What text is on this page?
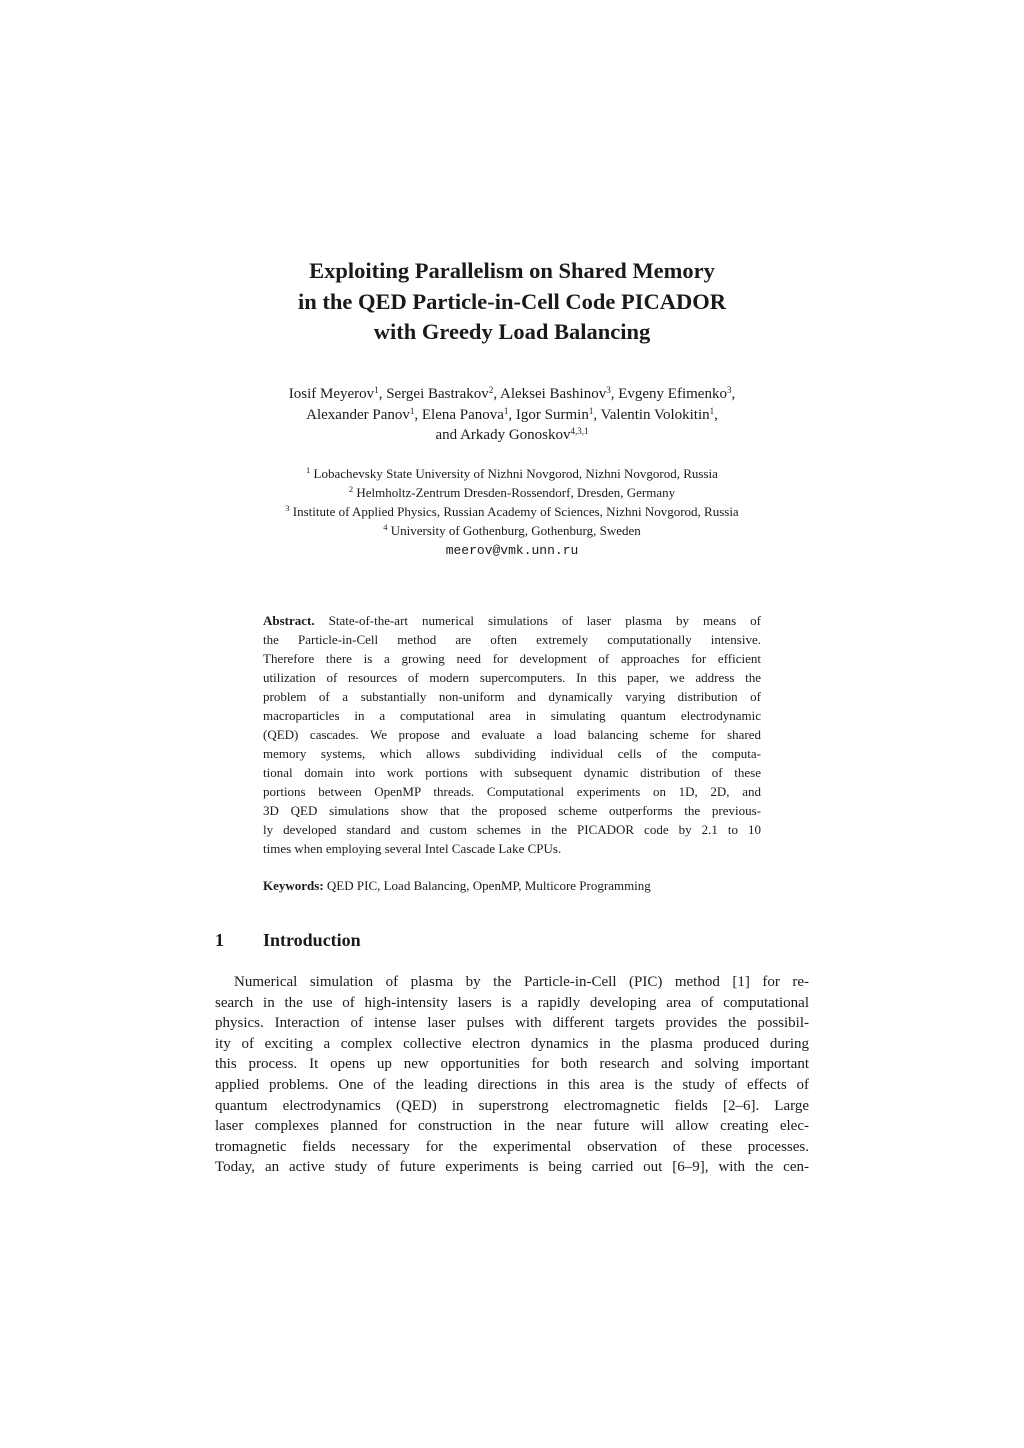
Exploiting Parallelism on Shared Memory
in the QED Particle-in-Cell Code PICADOR
with Greedy Load Balancing
Iosif Meyerov$^1$, Sergei Bastrakov$^2$, Aleksei Bashinov$^3$, Evgeny Efimenko$^3$,
Alexander Panov$^1$, Elena Panova$^1$, Igor Surmin$^1$, Valentin Volokitin$^1$,
and Arkady Gonoskov$^{4,3,1}$
$^1$ Lobachevsky State University of Nizhni Novgorod, Nizhni Novgorod, Russia
$^2$ Helmholtz-Zentrum Dresden-Rossendorf, Dresden, Germany
$^3$ Institute of Applied Physics, Russian Academy of Sciences, Nizhni Novgorod, Russia
$^4$ University of Gothenburg, Gothenburg, Sweden
meerov@vmk.unn.ru
Abstract. State-of-the-art numerical simulations of laser plasma by means of
the Particle-in-Cell method are often extremely computationally intensive.
Therefore there is a growing need for development of approaches for efficient
utilization of resources of modern supercomputers. In this paper, we address the
problem of a substantially non-uniform and dynamically varying distribution of
macroparticles in a computational area in simulating quantum electrodynamic
(QED) cascades. We propose and evaluate a load balancing scheme for shared
memory systems, which allows subdividing individual cells of the computa-
tional domain into work portions with subsequent dynamic distribution of these
portions between OpenMP threads. Computational experiments on 1D, 2D, and
3D QED simulations show that the proposed scheme outperforms the previous-
ly developed standard and custom schemes in the PICADOR code by 2.1 to 10
times when employing several Intel Cascade Lake CPUs.
Keywords: QED PIC, Load Balancing, OpenMP, Multicore Programming
1 Introduction
Numerical simulation of plasma by the Particle-in-Cell (PIC) method [1] for re-
search in the use of high-intensity lasers is a rapidly developing area of computational
physics. Interaction of intense laser pulses with different targets provides the possibil-
ity of exciting a complex collective electron dynamics in the plasma produced during
this process. It opens up new opportunities for both research and solving important
applied problems. One of the leading directions in this area is the study of effects of
quantum electrodynamics (QED) in superstrong electromagnetic fields [2–6]. Large
laser complexes planned for construction in the near future will allow creating elec-
tromagnetic fields necessary for the experimental observation of these processes.
Today, an active study of future experiments is being carried out [6–9], with the cen-
